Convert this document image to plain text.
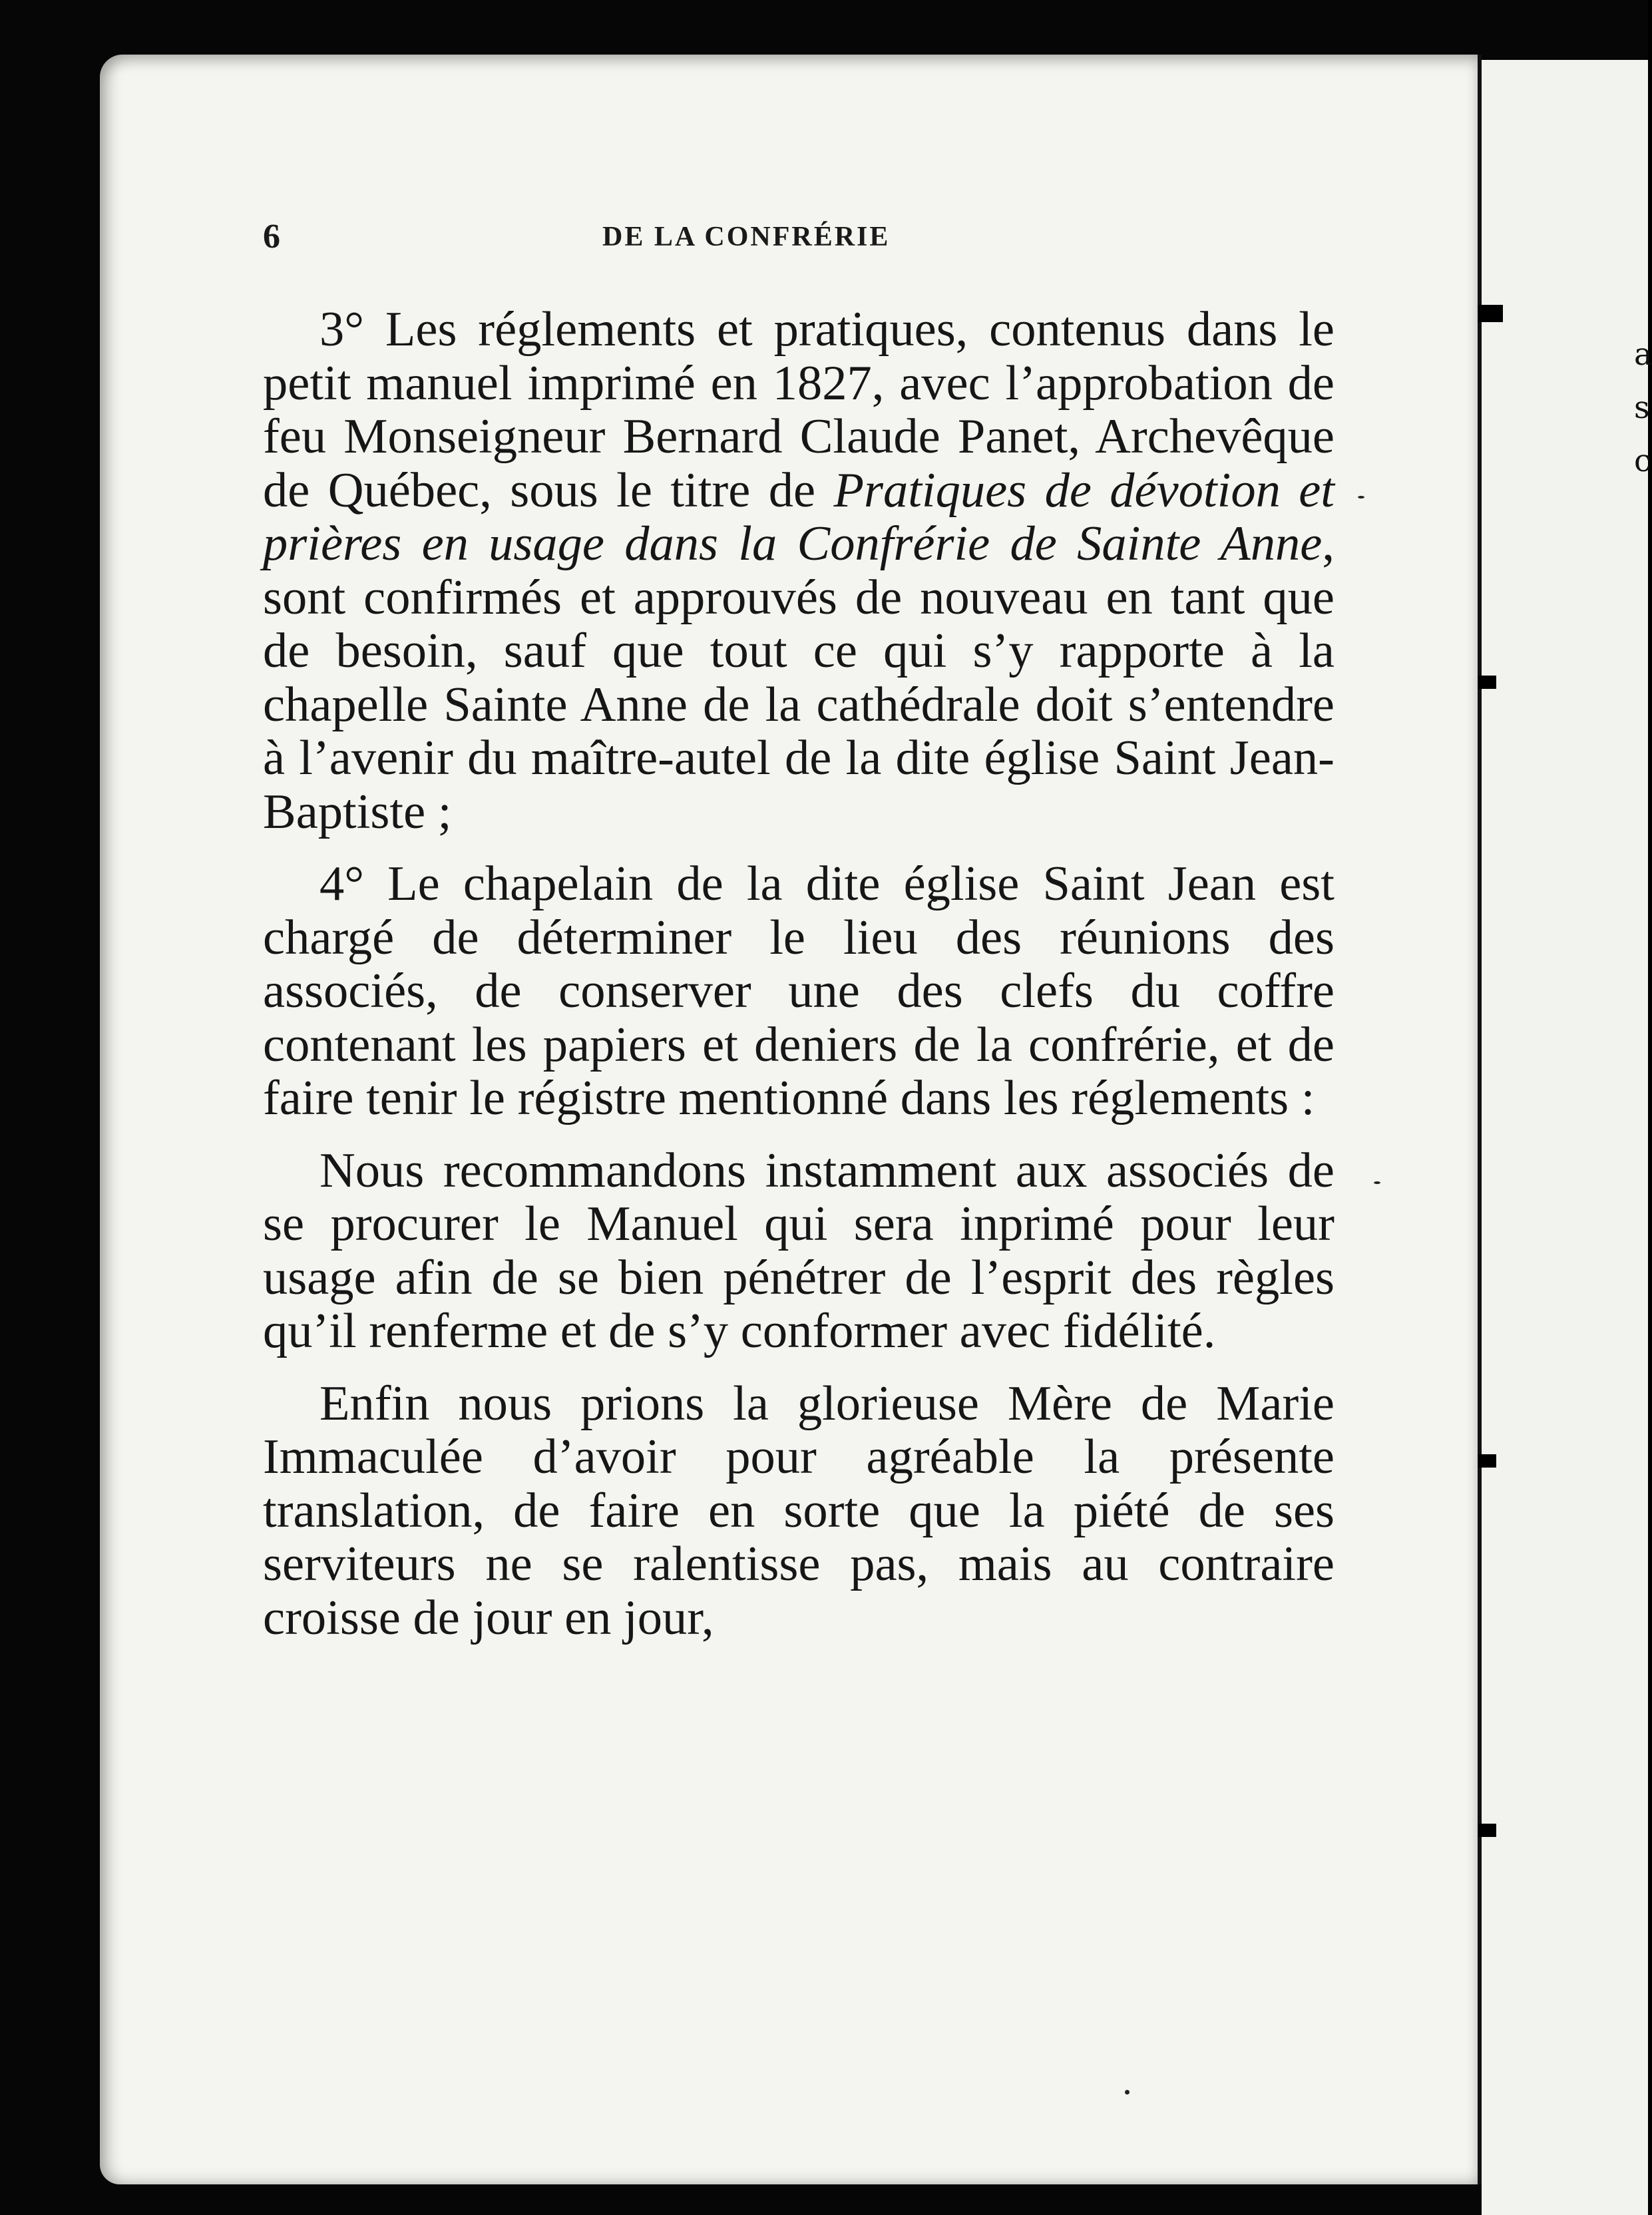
a
s
c
6	DE LA CONFRÉRIE

3° Les réglements et pratiques, contenus dans le petit manuel imprimé en 1827, avec l’approbation de feu Monseigneur Bernard Claude Panet, Archevêque de Québec, sous le titre de Pratiques de dévotion et prières en usage dans la Confrérie de Sainte Anne, sont confirmés et approuvés de nouveau en tant que de besoin, sauf que tout ce qui s’y rapporte à la chapelle Sainte Anne de la cathédrale doit s’entendre à l’avenir du maître-autel de la dite église Saint Jean-Baptiste ;

4° Le chapelain de la dite église Saint Jean est chargé de déterminer le lieu des réunions des associés, de conserver une des clefs du coffre contenant les papiers et deniers de la confrérie, et de faire tenir le régistre mentionné dans les réglements :

Nous recommandons instamment aux associés de se procurer le Manuel qui sera inprimé pour leur usage afin de se bien pénétrer de l’esprit des règles qu’il renferme et de s’y conformer avec fidélité.

Enfin nous prions la glorieuse Mère de Marie Immaculée d’avoir pour agréable la présente translation, de faire en sorte que la piété de ses serviteurs ne se ralentisse pas, mais au contraire croisse de jour en jour,
